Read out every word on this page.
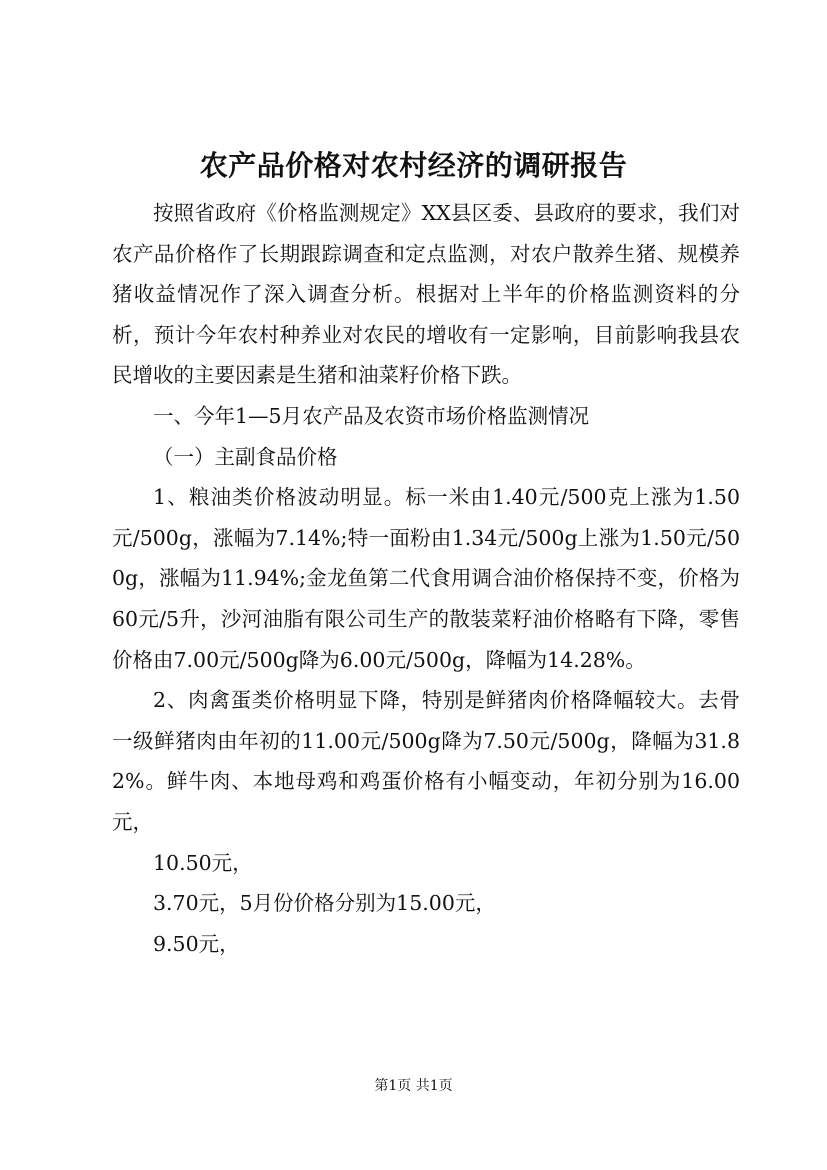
农产品价格对农村经济的调研报告

按照省政府《价格监测规定》XX县区委、县政府的要求，我们对农产品价格作了长期跟踪调查和定点监测，对农户散养生猪、规模养猪收益情况作了深入调查分析。根据对上半年的价格监测资料的分析，预计今年农村种养业对农民的增收有一定影响，目前影响我县农民增收的主要因素是生猪和油菜籽价格下跌。

一、今年1—5月农产品及农资市场价格监测情况

（一）主副食品价格

1、粮油类价格波动明显。标一米由1.40元/500克上涨为1.50元/500g，涨幅为7.14%;特一面粉由1.34元/500g上涨为1.50元/500g，涨幅为11.94%;金龙鱼第二代食用调合油价格保持不变，价格为60元/5升，沙河油脂有限公司生产的散装菜籽油价格略有下降，零售价格由7.00元/500g降为6.00元/500g，降幅为14.28%。

2、肉禽蛋类价格明显下降，特别是鲜猪肉价格降幅较大。去骨一级鲜猪肉由年初的11.00元/500g降为7.50元/500g，降幅为31.82%。鲜牛肉、本地母鸡和鸡蛋价格有小幅变动，年初分别为16.00元，

10.50元，

3.70元，5月份价格分别为15.00元，

9.50元，

第1页 共1页
